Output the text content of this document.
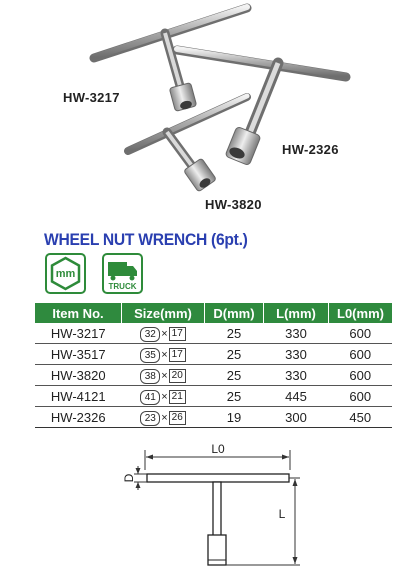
HW-3217
HW-2326
HW-3820
WHEEL NUT WRENCH (6pt.)
mm
TRUCK
Item No.	Size(mm)	D(mm)	L(mm)	L0(mm)
HW-3217	32 × 17	25	330	600
HW-3517	35 × 17	25	330	600
HW-3820	38 × 20	25	330	600
HW-4121	41 × 21	25	445	600
HW-2326	23 × 26	19	300	450
L0
D
L
